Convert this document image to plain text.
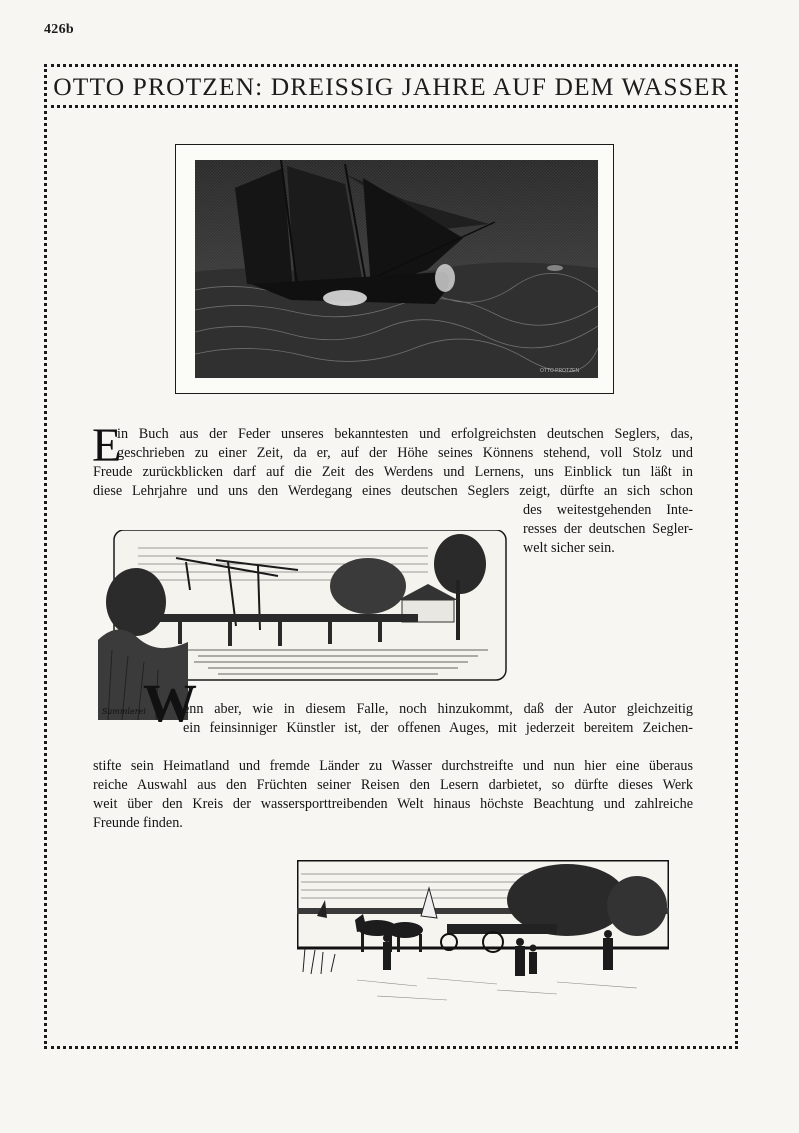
426b
OTTO PROTZEN: DREISSIG JAHRE AUF DEM WASSER
OTTO PROTZEN
Sammlerei
E
W
in Buch aus der Feder unseres bekanntesten und erfolgreichsten deutschen Seglers, das,
geschrieben zu einer Zeit, da er, auf der Höhe seines Könnens stehend, voll Stolz und
Freude zurückblicken darf auf die Zeit des Werdens und Lernens, uns Einblick tun läßt in
diese Lehrjahre und uns den Werdegang eines deutschen Seglers zeigt, dürfte an sich schon
des weitestgehenden Inte-
resses der deutschen Segler-
welt sicher sein.
enn aber, wie in diesem Falle, noch hinzukommt, daß der Autor gleichzeitig
ein feinsinniger Künstler ist, der offenen Auges, mit jederzeit bereitem Zeichen-
stifte sein Heimatland und fremde Länder zu Wasser durchstreifte und nun hier eine überaus
reiche Auswahl aus den Früchten seiner Reisen den Lesern darbietet, so dürfte dieses Werk
weit über den Kreis der wassersporttreibenden Welt hinaus höchste Beachtung und zahlreiche
Freunde finden.
